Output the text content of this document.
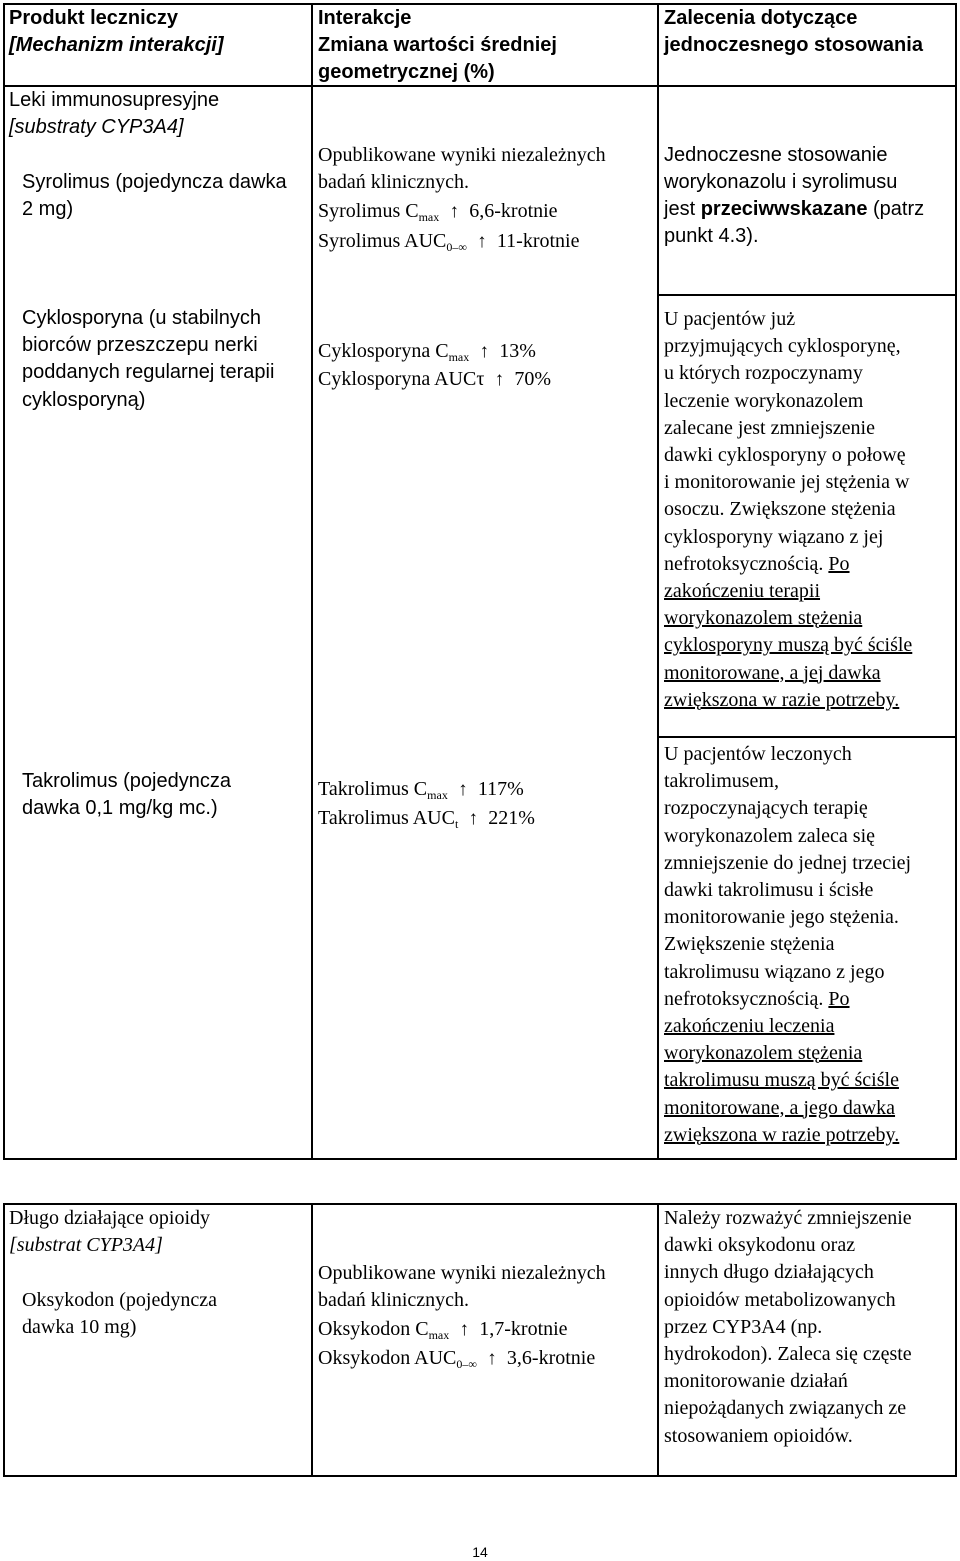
Produkt leczniczy
[Mechanizm interakcji]
Interakcje
Zmiana wartości średniej
geometrycznej (%)
Zalecenia dotyczące
jednoczesnego stosowania
Leki immunosupresyjne
[substraty CYP3A4]
Syrolimus (pojedyncza dawka
2 mg)
Opublikowane wyniki niezależnych
badań klinicznych.
Syrolimus $C_{max}$ ↑ 6,6-krotnie
Syrolimus $AUC_{0-\infty}$ ↑ 11-krotnie
Jednoczesne stosowanie
worykonazolu i syrolimusu
jest przeciwwskazane (patrz
punkt 4.3).
Cyklosporyna (u stabilnych
biorców przeszczepu nerki
poddanych regularnej terapii
cyklosporyną)
Cyklosporyna $C_{max}$ ↑ 13%
Cyklosporyna AUCτ ↑ 70%
U pacjentów już
przyjmujących cyklosporynę,
u których rozpoczynamy
leczenie worykonazolem
zalecane jest zmniejszenie
dawki cyklosporyny o połowę
i monitorowanie jej stężenia w
osoczu. Zwiększone stężenia
cyklosporyny wiązano z jej
nefrotoksycznością. Po
zakończeniu terapii
worykonazolem stężenia
cyklosporyny muszą być ściśle
monitorowane, a jej dawka
zwiększona w razie potrzeby.
Takrolimus (pojedyncza
dawka 0,1 mg/kg mc.)
Takrolimus $C_{max}$ ↑ 117%
Takrolimus $AUC_t$ ↑ 221%
U pacjentów leczonych
takrolimusem,
rozpoczynających terapię
worykonazolem zaleca się
zmniejszenie do jednej trzeciej
dawki takrolimusu i ścisłe
monitorowanie jego stężenia.
Zwiększenie stężenia
takrolimusu wiązano z jego
nefrotoksycznością. Po
zakończeniu leczenia
worykonazolem stężenia
takrolimusu muszą być ściśle
monitorowane, a jego dawka
zwiększona w razie potrzeby.
Długo działające opioidy
[substrat CYP3A4]
Oksykodon (pojedyncza
dawka 10 mg)
Opublikowane wyniki niezależnych
badań klinicznych.
Oksykodon $C_{max}$ ↑ 1,7-krotnie
Oksykodon $AUC_{0-\infty}$ ↑ 3,6-krotnie
Należy rozważyć zmniejszenie
dawki oksykodonu oraz
innych długo działających
opioidów metabolizowanych
przez CYP3A4 (np.
hydrokodon). Zaleca się częste
monitorowanie działań
niepożądanych związanych ze
stosowaniem opioidów.
14
